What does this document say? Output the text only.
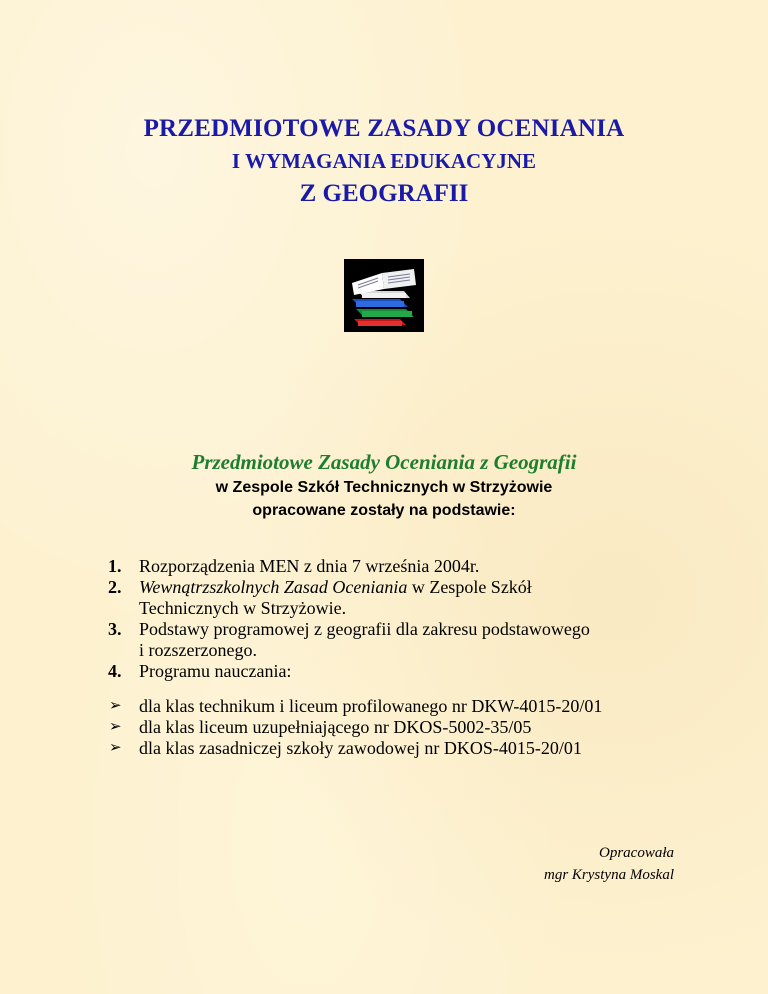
PRZEDMIOTOWE ZASADY OCENIANIA
I WYMAGANIA EDUKACYJNE
Z GEOGRAFII
Przedmiotowe Zasady Oceniania z Geografii
w Zespole Szkół Technicznych w Strzyżowie
opracowane zostały na podstawie:
1. Rozporządzenia MEN z dnia 7 września 2004r.
2. Wewnątrzszkolnych Zasad Oceniania w Zespole Szkół
Technicznych w Strzyżowie.
3. Podstawy programowej z geografii dla zakresu podstawowego
i rozszerzonego.
4. Programu nauczania:
➢ dla klas technikum i liceum profilowanego nr DKW-4015-20/01
➢ dla klas liceum uzupełniającego nr DKOS-5002-35/05
➢ dla klas zasadniczej szkoły zawodowej nr DKOS-4015-20/01
Opracowała
mgr Krystyna Moskal
